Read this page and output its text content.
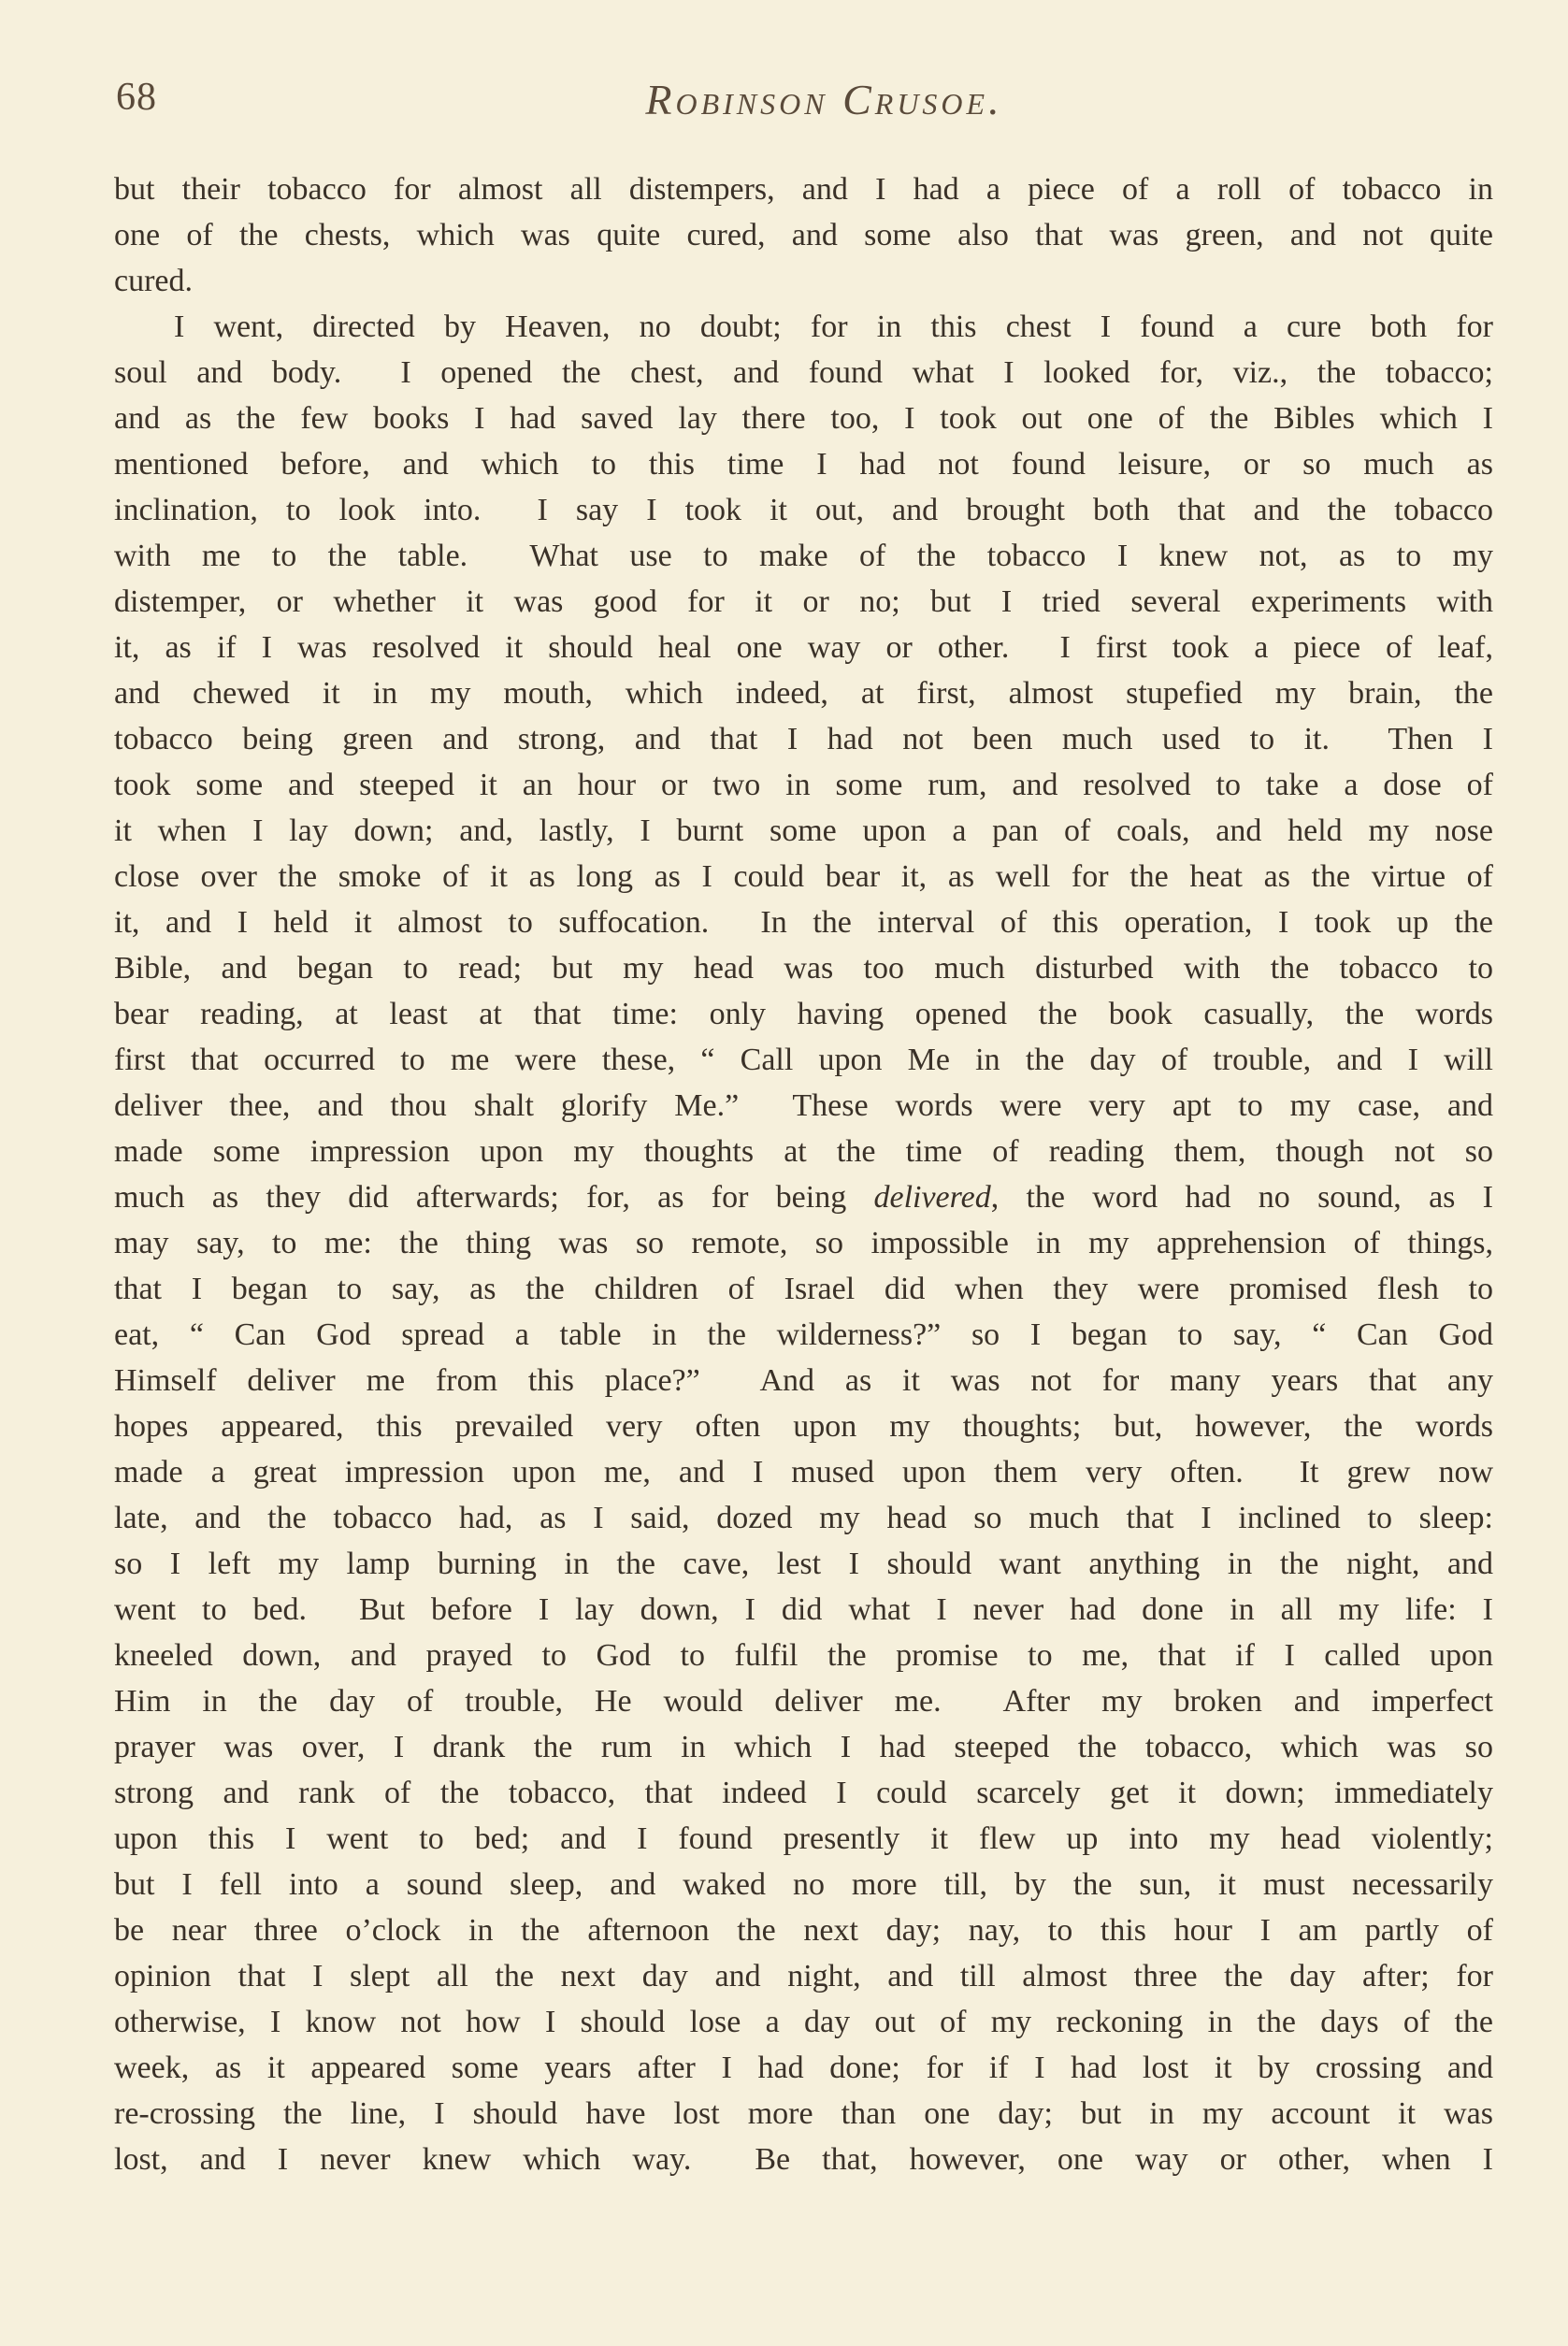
68	Robinson Crusoe.
but their tobacco for almost all distempers, and I had a piece of a roll of tobacco in
one of the chests, which was quite cured, and some also that was green, and not quite
cured.
I went, directed by Heaven, no doubt; for in this chest I found a cure both for
soul and body.  I opened the chest, and found what I looked for, viz., the tobacco;
and as the few books I had saved lay there too, I took out one of the Bibles which I
mentioned before, and which to this time I had not found leisure, or so much as
inclination, to look into.  I say I took it out, and brought both that and the tobacco
with me to the table.  What use to make of the tobacco I knew not, as to my
distemper, or whether it was good for it or no; but I tried several experiments with
it, as if I was resolved it should heal one way or other.  I first took a piece of leaf,
and chewed it in my mouth, which indeed, at first, almost stupefied my brain, the
tobacco being green and strong, and that I had not been much used to it.  Then I
took some and steeped it an hour or two in some rum, and resolved to take a dose of
it when I lay down; and, lastly, I burnt some upon a pan of coals, and held my nose
close over the smoke of it as long as I could bear it, as well for the heat as the virtue of
it, and I held it almost to suffocation.  In the interval of this operation, I took up the
Bible, and began to read; but my head was too much disturbed with the tobacco to
bear reading, at least at that time: only having opened the book casually, the words
first that occurred to me were these, “ Call upon Me in the day of trouble, and I will
deliver thee, and thou shalt glorify Me.”  These words were very apt to my case, and
made some impression upon my thoughts at the time of reading them, though not so
much as they did afterwards; for, as for being delivered, the word had no sound, as I
may say, to me: the thing was so remote, so impossible in my apprehension of things,
that I began to say, as the children of Israel did when they were promised flesh to
eat, “ Can God spread a table in the wilderness?” so I began to say, “ Can God
Himself deliver me from this place?”  And as it was not for many years that any
hopes appeared, this prevailed very often upon my thoughts; but, however, the words
made a great impression upon me, and I mused upon them very often.  It grew now
late, and the tobacco had, as I said, dozed my head so much that I inclined to sleep:
so I left my lamp burning in the cave, lest I should want anything in the night, and
went to bed.  But before I lay down, I did what I never had done in all my life: I
kneeled down, and prayed to God to fulfil the promise to me, that if I called upon
Him in the day of trouble, He would deliver me.  After my broken and imperfect
prayer was over, I drank the rum in which I had steeped the tobacco, which was so
strong and rank of the tobacco, that indeed I could scarcely get it down; immediately
upon this I went to bed; and I found presently it flew up into my head violently;
but I fell into a sound sleep, and waked no more till, by the sun, it must necessarily
be near three o’clock in the afternoon the next day; nay, to this hour I am partly of
opinion that I slept all the next day and night, and till almost three the day after; for
otherwise, I know not how I should lose a day out of my reckoning in the days of the
week, as it appeared some years after I had done; for if I had lost it by crossing and
re-crossing the line, I should have lost more than one day; but in my account it was
lost, and I never knew which way.  Be that, however, one way or other, when I
